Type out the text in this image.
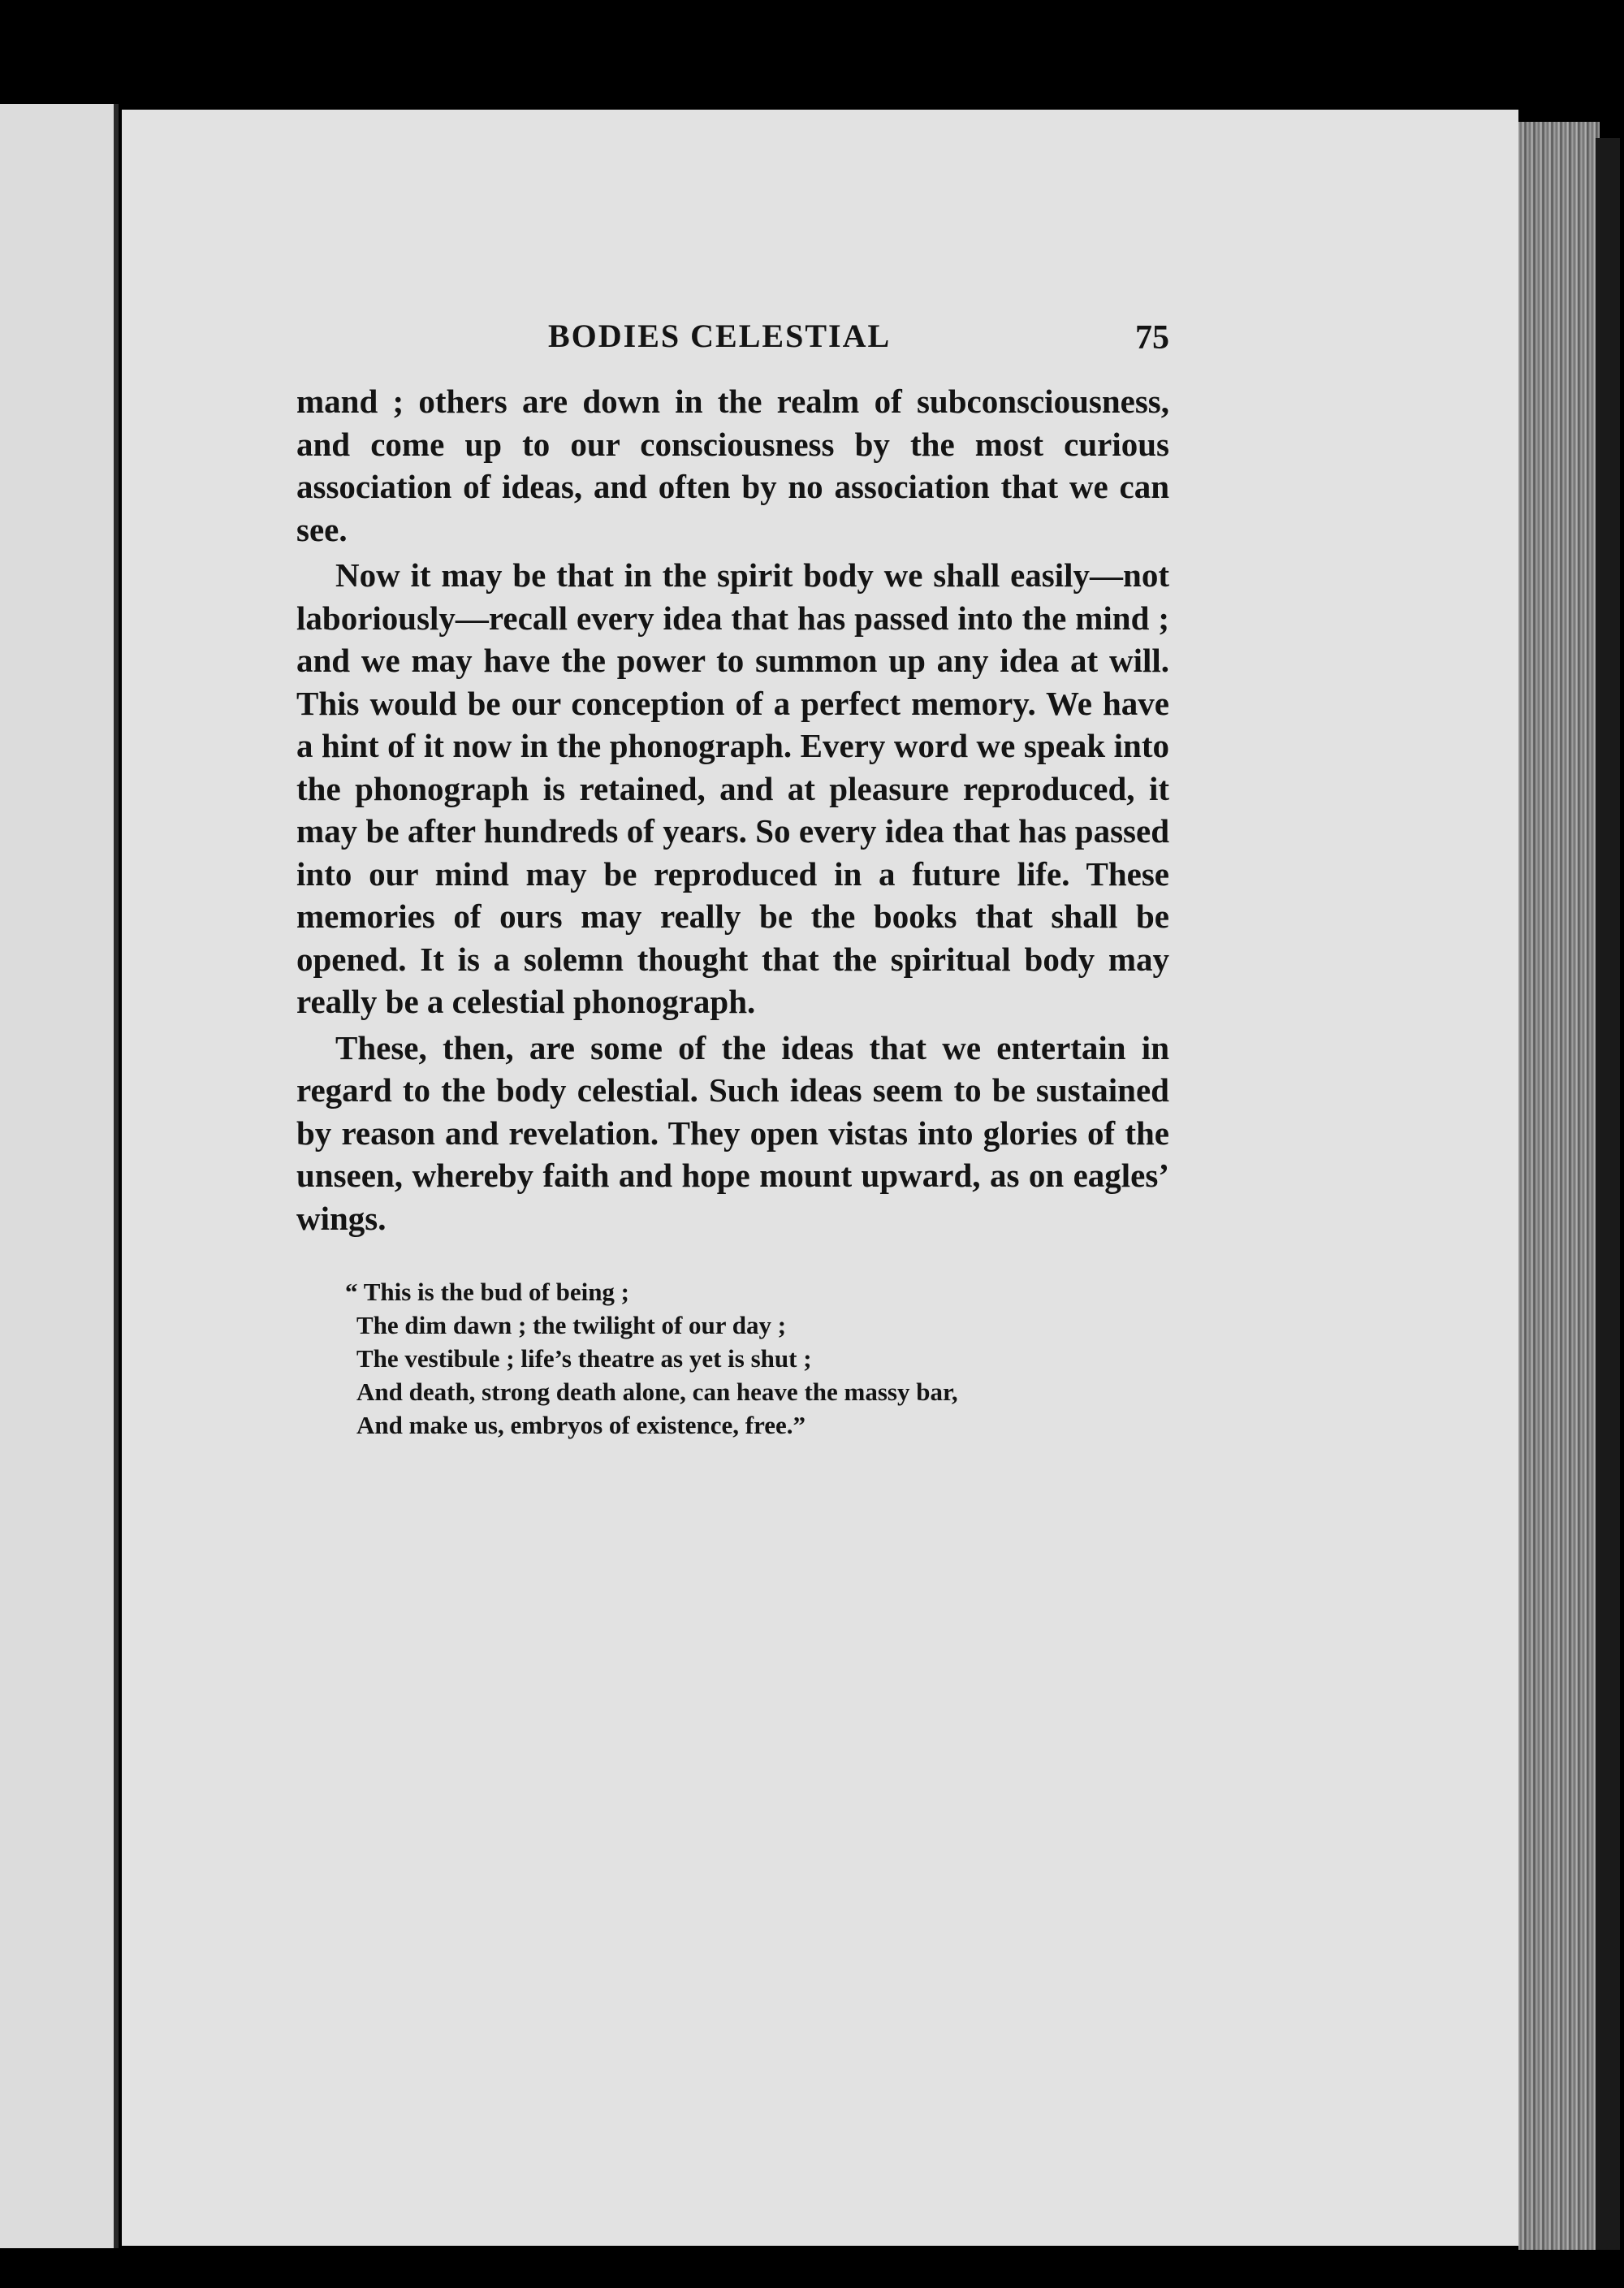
BODIES CELESTIAL	75

mand ; others are down in the realm of subconsciousness, and come up to our consciousness by the most curious association of ideas, and often by no association that we can see.

Now it may be that in the spirit body we shall easily—not laboriously—recall every idea that has passed into the mind ; and we may have the power to summon up any idea at will. This would be our conception of a perfect memory. We have a hint of it now in the phonograph. Every word we speak into the phonograph is retained, and at pleasure reproduced, it may be after hundreds of years. So every idea that has passed into our mind may be reproduced in a future life. These memories of ours may really be the books that shall be opened. It is a solemn thought that the spiritual body may really be a celestial phonograph.

These, then, are some of the ideas that we entertain in regard to the body celestial. Such ideas seem to be sustained by reason and revelation. They open vistas into glories of the unseen, whereby faith and hope mount upward, as on eagles’ wings.

“ This is the bud of being ;
The dim dawn ; the twilight of our day ;
The vestibule ; life’s theatre as yet is shut ;
And death, strong death alone, can heave the massy bar,
And make us, embryos of existence, free.”
